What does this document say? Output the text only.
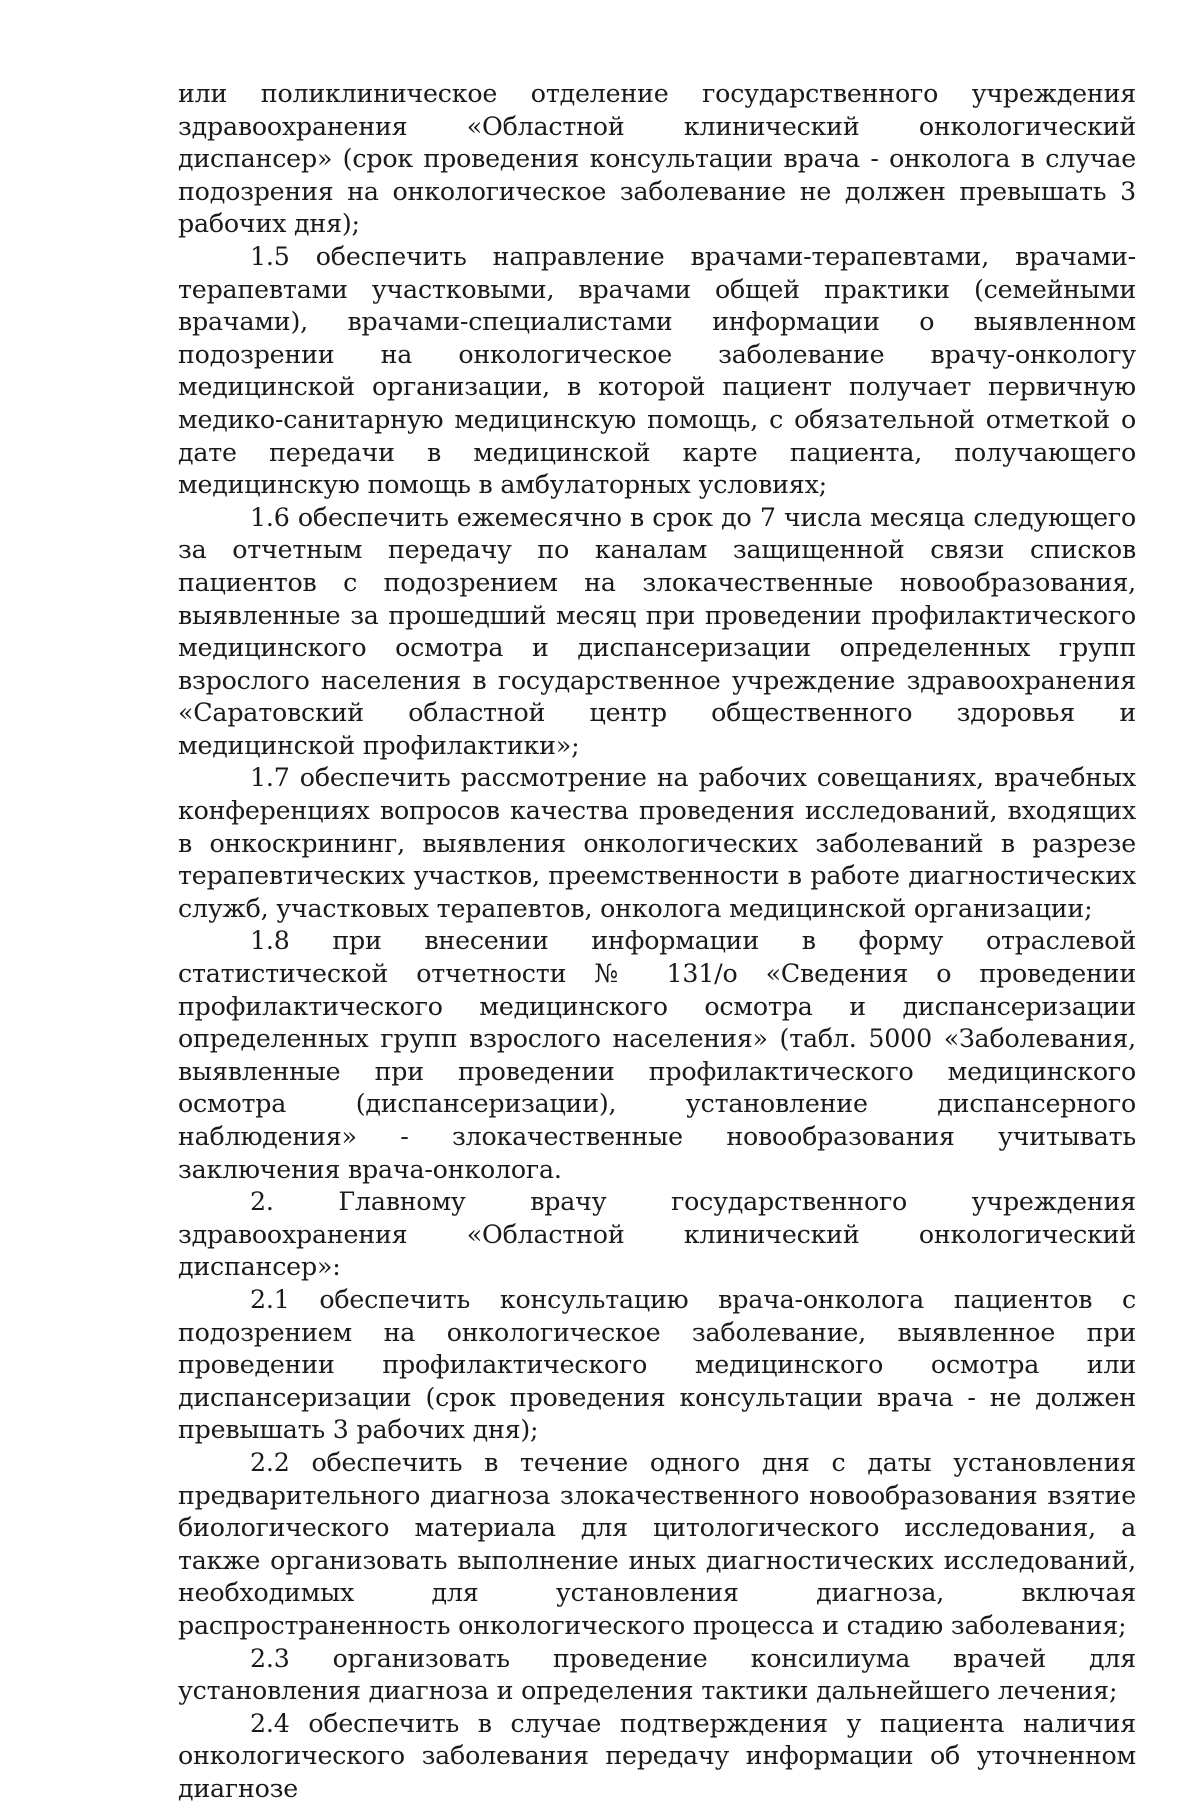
или поликлиническое отделение государственного учреждения здравоохранения «Областной клинический онкологический диспансер» (срок проведения консультации врача - онколога в случае подозрения на онкологическое заболевание не должен превышать 3 рабочих дня);

1.5 обеспечить направление врачами-терапевтами, врачами-терапевтами участковыми, врачами общей практики (семейными врачами), врачами-специалистами информации о выявленном подозрении на онкологическое заболевание врачу-онкологу медицинской организации, в которой пациент получает первичную медико-санитарную медицинскую помощь, с обязательной отметкой о дате передачи в медицинской карте пациента, получающего медицинскую помощь в амбулаторных условиях;

1.6 обеспечить ежемесячно в срок до 7 числа месяца следующего за отчетным передачу по каналам защищенной связи списков пациентов с подозрением на злокачественные новообразования, выявленные за прошедший месяц при проведении профилактического медицинского осмотра и диспансеризации определенных групп взрослого населения в государственное учреждение здравоохранения «Саратовский областной центр общественного здоровья и медицинской профилактики»;

1.7 обеспечить рассмотрение на рабочих совещаниях, врачебных конференциях вопросов качества проведения исследований, входящих в онкоскрининг, выявления онкологических заболеваний в разрезе терапевтических участков, преемственности в работе диагностических служб, участковых терапевтов, онколога медицинской организации;

1.8 при внесении информации в форму отраслевой статистической отчетности № 131/о «Сведения о проведении профилактического медицинского осмотра и диспансеризации определенных групп взрослого населения» (табл. 5000 «Заболевания, выявленные при проведении профилактического медицинского осмотра (диспансеризации), установление диспансерного наблюдения» - злокачественные новообразования учитывать заключения врача-онколога.

2. Главному врачу государственного учреждения здравоохранения «Областной клинический онкологический диспансер»:

2.1 обеспечить консультацию врача-онколога пациентов с подозрением на онкологическое заболевание, выявленное при проведении профилактического медицинского осмотра или диспансеризации (срок проведения консультации врача - не должен превышать 3 рабочих дня);

2.2 обеспечить в течение одного дня с даты установления предварительного диагноза злокачественного новообразования взятие биологического материала для цитологического исследования, а также организовать выполнение иных диагностических исследований, необходимых для установления диагноза, включая распространенность онкологического процесса и стадию заболевания;

2.3 организовать проведение консилиума врачей для установления диагноза и определения тактики дальнейшего лечения;

2.4 обеспечить в случае подтверждения у пациента наличия онкологического заболевания передачу информации об уточненном диагнозе
